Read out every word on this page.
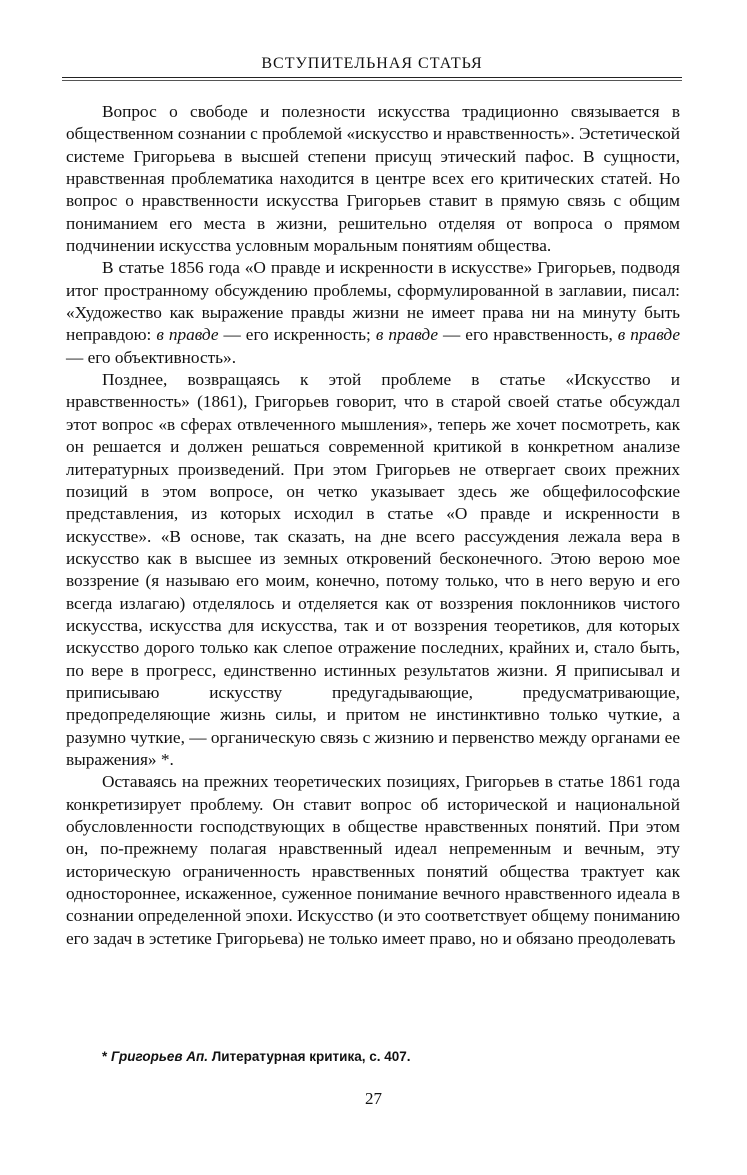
ВСТУПИТЕЛЬНАЯ СТАТЬЯ

Вопрос о свободе и полезности искусства традиционно связывается в общественном сознании с проблемой «искусство и нравственность». Эстетической системе Григорьева в высшей степени присущ этический пафос. В сущности, нравственная проблематика находится в центре всех его критических статей. Но вопрос о нравственности искусства Григорьев ставит в прямую связь с общим пониманием его места в жизни, решительно отделяя от вопроса о прямом подчинении искусства условным моральным понятиям общества.

В статье 1856 года «О правде и искренности в искусстве» Григорьев, подводя итог пространному обсуждению проблемы, сформулированной в заглавии, писал: «Художество как выражение правды жизни не имеет права ни на минуту быть неправдою: в правде — его искренность; в правде — его нравственность, в правде — его объективность».

Позднее, возвращаясь к этой проблеме в статье «Искусство и нравственность» (1861), Григорьев говорит, что в старой своей статье обсуждал этот вопрос «в сферах отвлеченного мышления», теперь же хочет посмотреть, как он решается и должен решаться современной критикой в конкретном анализе литературных произведений. При этом Григорьев не отвергает своих прежних позиций в этом вопросе, он четко указывает здесь же общефилософские представления, из которых исходил в статье «О правде и искренности в искусстве». «В основе, так сказать, на дне всего рассуждения лежала вера в искусство как в высшее из земных откровений бесконечного. Этою верою мое воззрение (я называю его моим, конечно, потому только, что в него верую и его всегда излагаю) отделялось и отделяется как от воззрения поклонников чистого искусства, искусства для искусства, так и от воззрения теоретиков, для которых искусство дорого только как слепое отражение последних, крайних и, стало быть, по вере в прогресс, единственно истинных результатов жизни. Я приписывал и приписываю искусству предугадывающие, предусматривающие, предопределяющие жизнь силы, и притом не инстинктивно только чуткие, а разумно чуткие, — органическую связь с жизнию и первенство между органами ее выражения» *.

Оставаясь на прежних теоретических позициях, Григорьев в статье 1861 года конкретизирует проблему. Он ставит вопрос об исторической и национальной обусловленности господствующих в обществе нравственных понятий. При этом он, по-прежнему полагая нравственный идеал непременным и вечным, эту историческую ограниченность нравственных понятий общества трактует как одностороннее, искаженное, суженное понимание вечного нравственного идеала в сознании определенной эпохи. Искусство (и это соответствует общему пониманию его задач в эстетике Григорьева) не только имеет право, но и обязано преодолевать

* Григорьев Ап. Литературная критика, с. 407.
27
